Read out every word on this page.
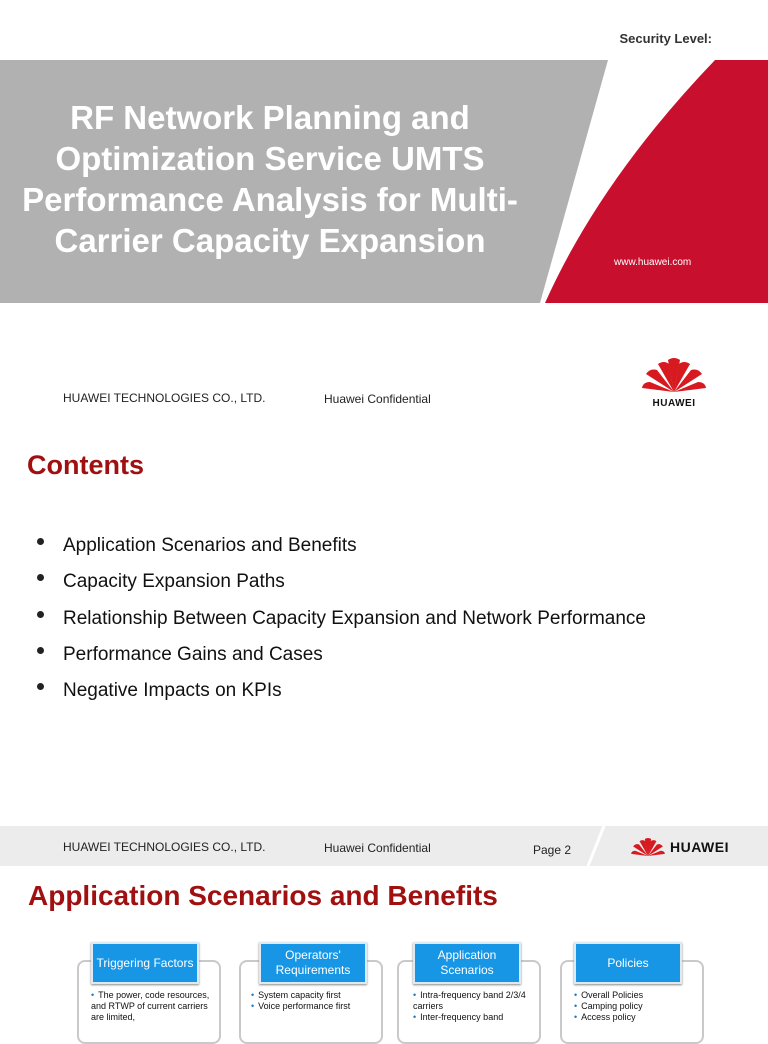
Security Level:
RF Network Planning and Optimization Service UMTS Performance Analysis for Multi-Carrier Capacity Expansion
www.huawei.com
HUAWEI TECHNOLOGIES CO., LTD.	Huawei Confidential	HUAWEI
Contents
Application Scenarios and Benefits
Capacity Expansion Paths
Relationship Between Capacity Expansion and Network Performance
Performance Gains and Cases
Negative Impacts on KPIs
HUAWEI TECHNOLOGIES CO., LTD.	Huawei Confidential	Page 2	HUAWEI
Application Scenarios and Benefits
• The power, code resources, and RTWP of current carriers are limited,
Triggering Factors
• System capacity first
• Voice performance first
Operators' Requirements
• Intra-frequency band 2/3/4 carriers
• Inter-frequency band
Application Scenarios
• Overall Policies
• Camping policy
• Access policy
Policies
